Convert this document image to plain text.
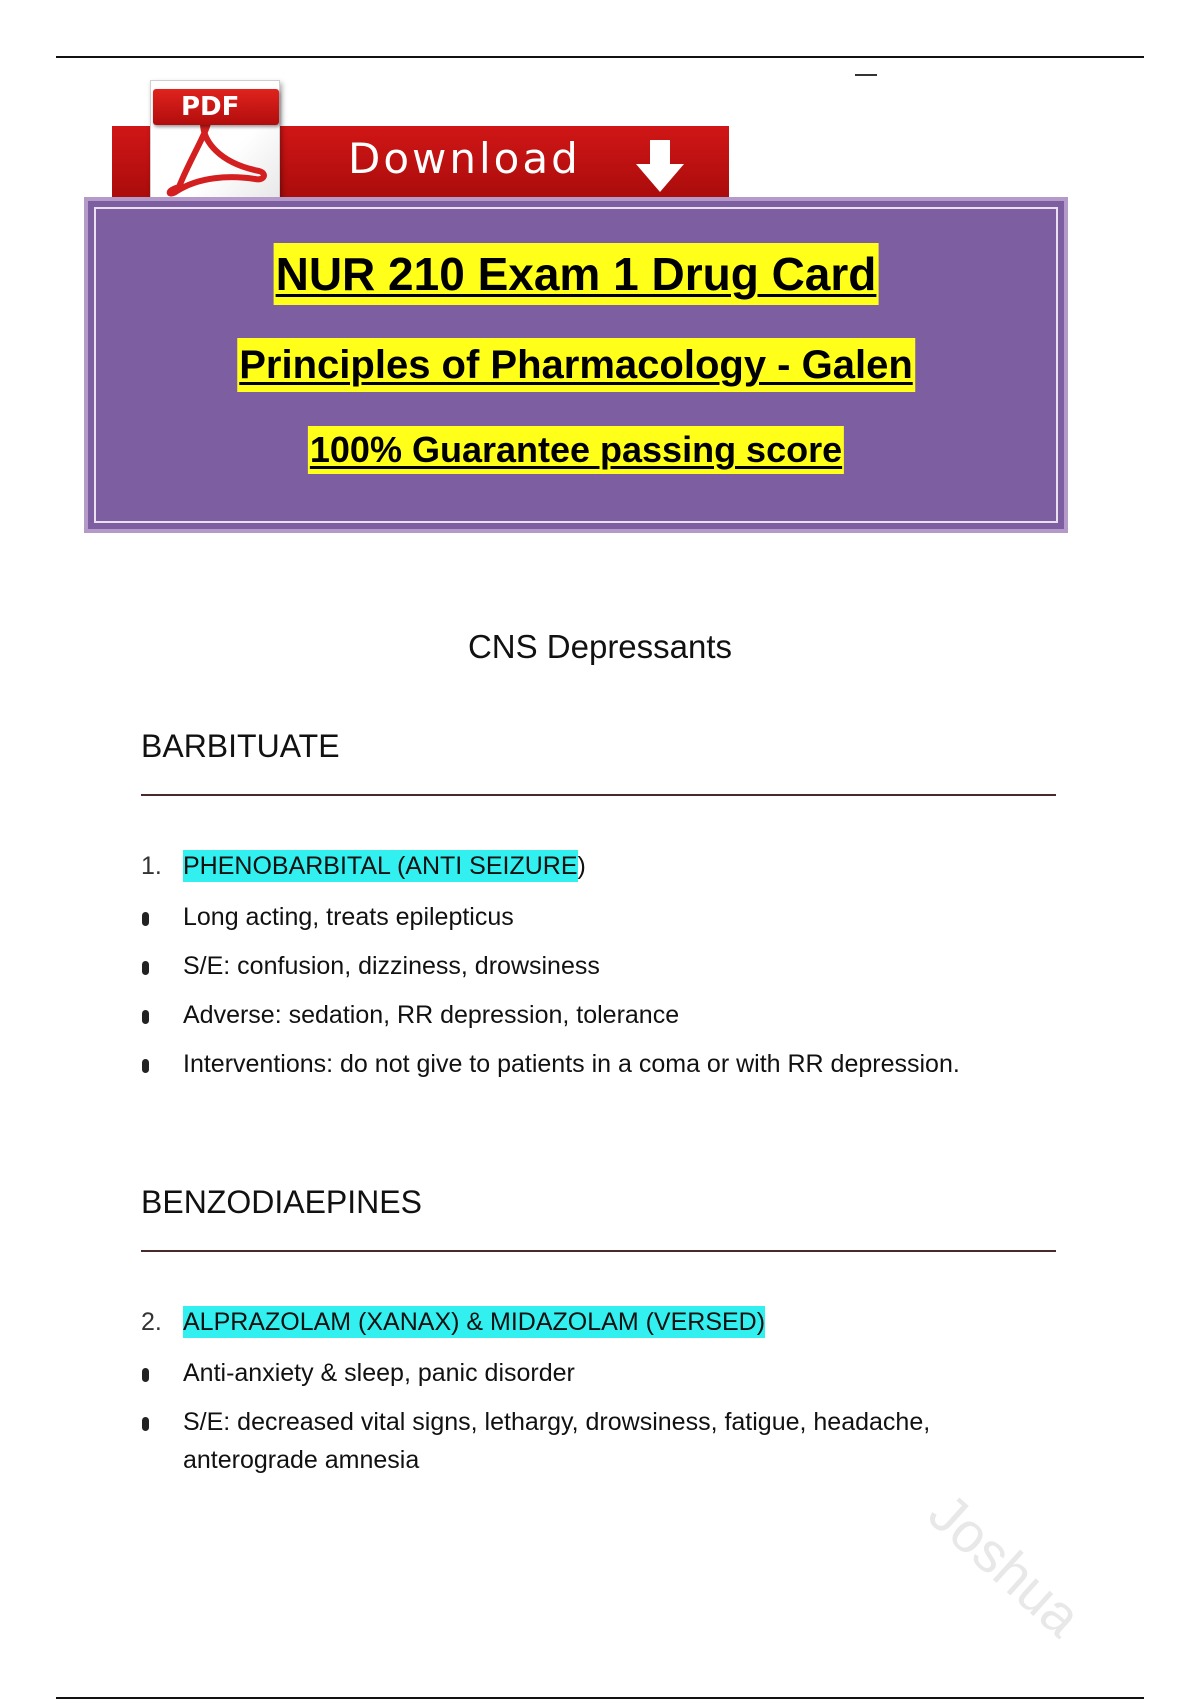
Download
PDF
NUR 210 Exam 1 Drug Card
Principles of Pharmacology - Galen
100% Guarantee passing score
CNS Depressants
BARBITUATE
1. PHENOBARBITAL (ANTI SEIZURE)
Long acting, treats epilepticus
S/E: confusion, dizziness, drowsiness
Adverse: sedation, RR depression, tolerance
Interventions: do not give to patients in a coma or with RR depression.
BENZODIAEPINES
2. ALPRAZOLAM (XANAX) & MIDAZOLAM (VERSED)
Anti-anxiety & sleep, panic disorder
S/E: decreased vital signs, lethargy, drowsiness, fatigue, headache, anterograde amnesia
Joshua
